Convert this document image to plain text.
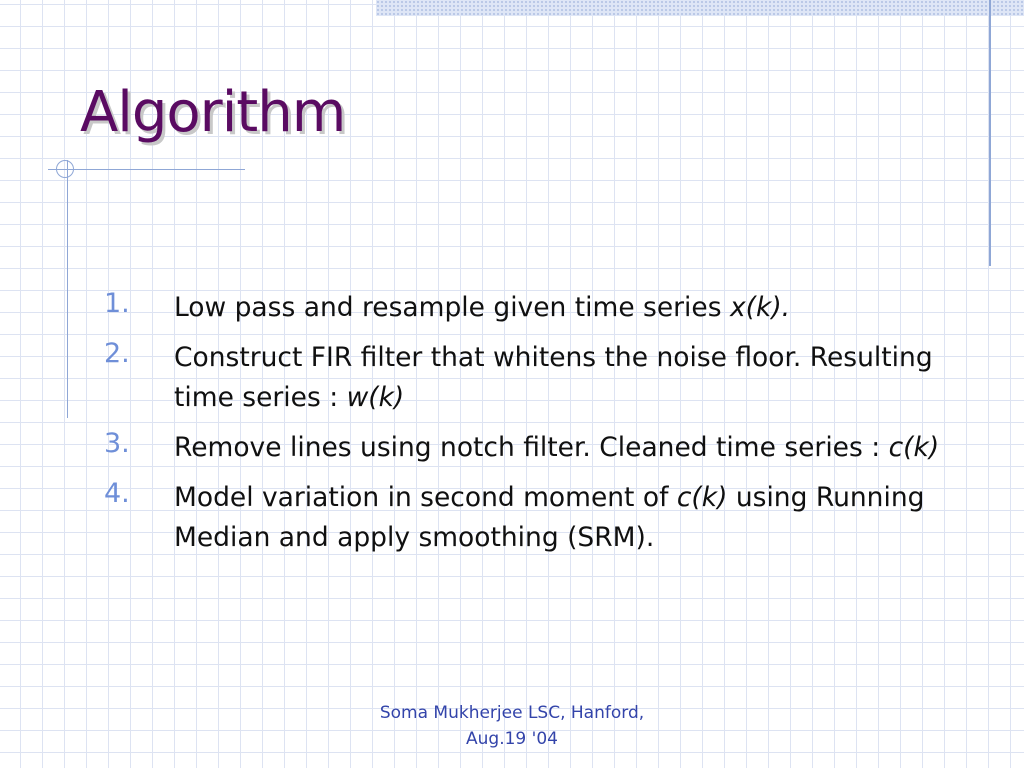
Algorithm
1. Low pass and resample given time series x(k).
2. Construct FIR filter that whitens the noise floor. Resulting time series : w(k)
3. Remove lines using notch filter. Cleaned time series : c(k)
4. Model variation in second moment of c(k) using Running Median and apply smoothing (SRM).
Soma Mukherjee LSC, Hanford,
Aug.19 '04
